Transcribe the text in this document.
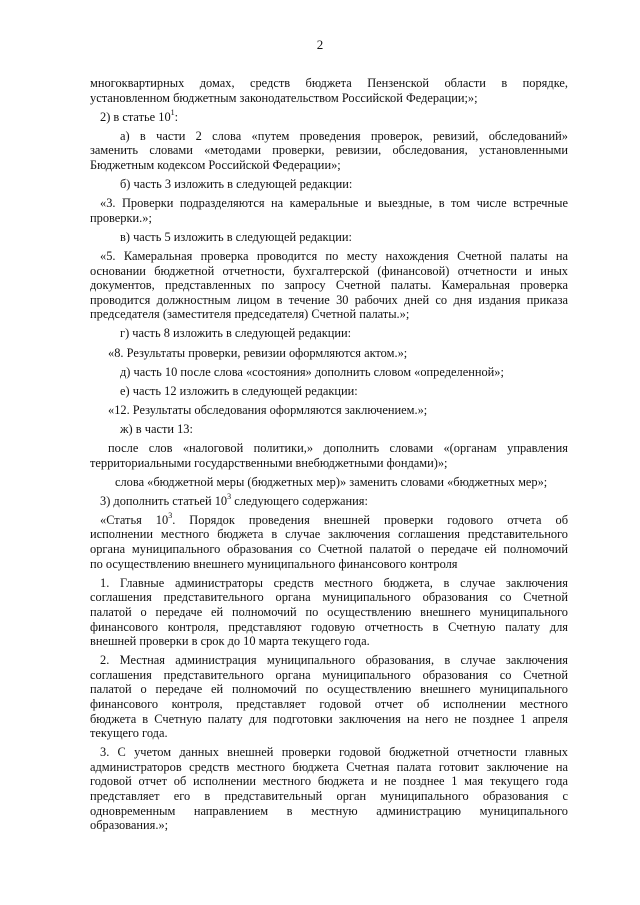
2
многоквартирных домах, средств бюджета Пензенской области в порядке,
установленном бюджетным законодательством Российской Федерации;»;
2) в статье $10^1$:
а) в части 2 слова «путем проведения проверок, ревизий, обследований»
заменить словами «методами проверки, ревизии, обследования, установленными
Бюджетным кодексом Российской Федерации»;
б) часть 3 изложить в следующей редакции:
«3. Проверки подразделяются на камеральные и выездные, в том числе встречные
проверки.»;
в) часть 5 изложить в следующей редакции:
«5. Камеральная проверка проводится по месту нахождения Счетной палаты на
основании бюджетной отчетности, бухгалтерской (финансовой) отчетности и иных
документов, представленных по запросу Счетной палаты. Камеральная проверка
проводится должностным лицом в течение 30 рабочих дней со дня издания приказа
председателя (заместителя председателя) Счетной палаты.»;
г) часть 8 изложить в следующей редакции:
«8. Результаты проверки, ревизии оформляются актом.»;
д) часть 10 после слова «состояния» дополнить словом «определенной»;
е) часть 12 изложить в следующей редакции:
«12. Результаты обследования оформляются заключением.»;
ж) в части 13:
после слов «налоговой политики,» дополнить словами «(органам управления
территориальными государственными внебюджетными фондами)»;
слова «бюджетной меры (бюджетных мер)» заменить словами «бюджетных мер»;
3) дополнить статьей $10^3$ следующего содержания:
«Статья $10^3$. Порядок проведения внешней проверки годового отчета об
исполнении местного бюджета в случае заключения соглашения представительного
органа муниципального образования со Счетной палатой о передаче ей полномочий
по осуществлению внешнего муниципального финансового контроля
1. Главные администраторы средств местного бюджета, в случае заключения
соглашения представительного органа муниципального образования со Счетной
палатой о передаче ей полномочий по осуществлению внешнего муниципального
финансового контроля, представляют годовую отчетность в Счетную палату для
внешней проверки в срок до 10 марта текущего года.
2. Местная администрация муниципального образования, в случае заключения
соглашения представительного органа муниципального образования со Счетной
палатой о передаче ей полномочий по осуществлению внешнего муниципального
финансового контроля, представляет годовой отчет об исполнении местного
бюджета в Счетную палату для подготовки заключения на него не позднее 1 апреля
текущего года.
3. С учетом данных внешней проверки годовой бюджетной отчетности главных
администраторов средств местного бюджета Счетная палата готовит заключение на
годовой отчет об исполнении местного бюджета и не позднее 1 мая текущего года
представляет его в представительный орган муниципального образования с
одновременным направлением в местную администрацию муниципального
образования.»;
